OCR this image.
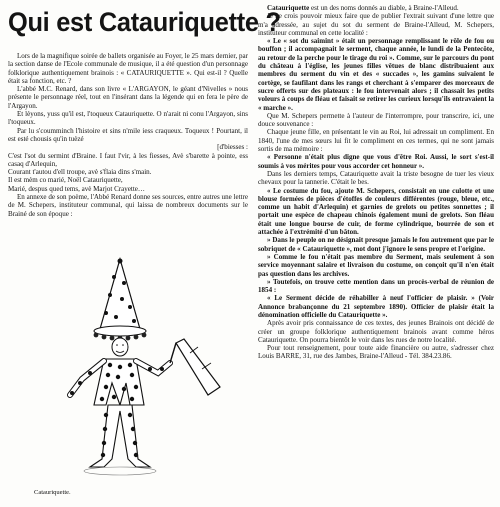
Qui est Catauriquette ?

Lors de la magnifique soirée de ballets organisée au Foyer, le 25 mars dernier, par la section danse de l'Ecole communale de musique, il a été question d'un personnage folklorique authentiquement brainois : « CATAURIQUETTE ». Qui est-il ? Quelle était sa fonction, etc. ?

L'abbé M.C. Renard, dans son livre « L'ARGAYON, le géant d'Nivelles » nous présente le personnage réel, tout en l'insérant dans la légende qui en fera le père de l'Argayon.

Et lèyons, yuss qu'il est, l'toqueux Catauriquette. O n'arait ni conu l'Argayon, sins l'toqueux.

Par lu s'coumminch l'histoire et sins n'mile iess craqueux. Toqueux ! Pourtant, il est esté chousis qu'in tuèzé

[d'biesses :

C'est l'sot du sermint d'Braine. I faut l'vir, à les fiesses, Avè s'barette à pointe, ess casaq d'Arlequin,

Courant t'autou d'ell troupe, avè s'flaia dins s'main.

Il est mèm co marié, Noël Catauriquette,

Marié, despus qued tems, avè Marjot Crayette…

En annexe de son poème, l'Abbé Renard donne ses sources, entre autres une lettre de M. Schepers, instituteur communal, qui laissa de nombreux documents sur le Brainé de son époque :

Catauriquette.

Catauriquette est un des noms donnés au diable, à Braine-l'Alleud.

Je ne crois pouvoir mieux faire que de publier l'extrait suivant d'une lettre que m'a adressée, au sujet du sot du serment de Braine-l'Alleud, M. Schepers, instituteur communal en cette localité :

« Le « sot du saimint » était un personnage remplissant le rôle de fou ou bouffon ; il accompagnait le serment, chaque année, le lundi de la Pentecôte, au retour de la perche pour le tirage du roi ». Comme, sur le parcours du pont du château à l'église, les jeunes filles vêtues de blanc distribuaient aux membres du serment du vin et des « succades », les gamins suivaient le cortège, se faufilant dans les rangs et cherchant à s'emparer des morceaux de sucre offerts sur des plateaux : le fou intervenait alors ; il chassait les petits voleurs à coups de fléau et faisait se retirer les curieux lorsqu'ils entravaient la « marche ».

Que M. Schepers permette à l'auteur de l'interrompre, pour transcrire, ici, une douce souvenance :

Chaque jeune fille, en présentant le vin au Roi, lui adressait un compliment. En 1840, l'une de mes sœurs lui fit le compliment en ces termes, qui ne sont jamais sortis de ma mémoire :

« Personne n'était plus digne que vous d'être Roi. Aussi, le sort s'est-il soumis à vos mérites pour vous accorder cet honneur ».

Dans les derniers temps, Catauriquette avait la triste besogne de tuer les vieux chevaux pour la tannerie. C'était le bes.

« Le costume du fou, ajoute M. Schepers, consistait en une culotte et une blouse formées de pièces d'étoffes de couleurs différentes (rouge, bleue, etc., comme un habit d'Arlequin) et garnies de grelots ou petites sonnettes ; il portait une espèce de chapeau chinois également muni de grelots. Son fléau était une longue bourse de cuir, de forme cylindrique, bourrée de son et attachée à l'extrémité d'un bâton.

» Dans le peuple on ne désignait presque jamais le fou autrement que par le sobriquet de « Catauriquette », mot dont j'ignore le sens propre et l'origine.

» Comme le fou n'était pas membre du Serment, mais seulement à son service moyennant salaire et livraison du costume, on conçoit qu'il n'en était pas question dans les archives.

» Toutefois, on trouve cette mention dans un procès-verbal de réunion de 1854 :

« Le Serment décide de réhabiller à neuf l'officier de plaisir. » (Voir Annonce brabançonne du 21 septembre 1890). Officier de plaisir était la dénomination officielle du Catauriquette ».

Après avoir pris connaissance de ces textes, des jeunes Brainois ont décidé de créer un groupe folklorique authentiquement brainois avant comme héros Catauriquette. On pourra bientôt le voir dans les rues de notre localité.

Pour tout renseignement, pour toute aide financière ou autre, s'adresser chez Louis BARRE, 31, rue des Jambes, Braine-l'Alleud - Tél. 384.23.86.
